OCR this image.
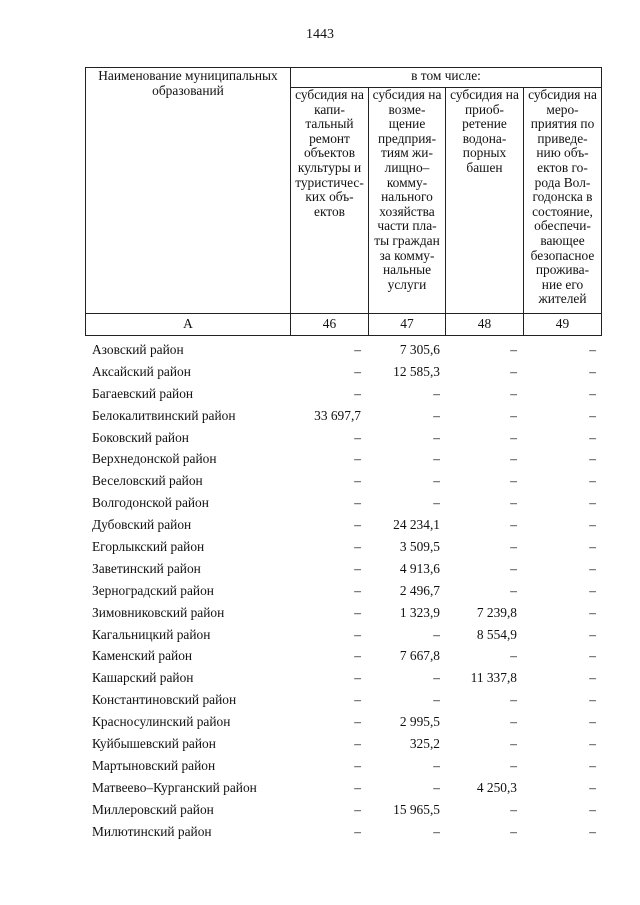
1443
Наименование муниципальных образований	в том числе:			
	субсидия на капи- тальный ремонт объектов культуры и туристичес- ких объ- ектов	субсидия на возме- щение предприя- тиям жи- лищно– комму- нального хозяйства части пла- ты граждан за комму- нальные услуги	субсидия на приоб- ретение водона- порных башен	субсидия на меро- приятия по приведе- нию объ- ектов го- рода Вол- годонска в состояние, обеспечи- вающее безопасное прожива- ние его жителей
А	46	47	48	49
Азовский район	–	7 305,6	–	–
Аксайский район	–	12 585,3	–	–
Багаевский район	–	–	–	–
Белокалитвинский район	33 697,7	–	–	–
Боковский район	–	–	–	–
Верхнедонской район	–	–	–	–
Веселовский район	–	–	–	–
Волгодонской район	–	–	–	–
Дубовский район	–	24 234,1	–	–
Егорлыкский район	–	3 509,5	–	–
Заветинский район	–	4 913,6	–	–
Зерноградский район	–	2 496,7	–	–
Зимовниковский район	–	1 323,9	7 239,8	–
Кагальницкий район	–	–	8 554,9	–
Каменский район	–	7 667,8	–	–
Кашарский район	–	–	11 337,8	–
Константиновский район	–	–	–	–
Красносулинский район	–	2 995,5	–	–
Куйбышевский район	–	325,2	–	–
Мартыновский район	–	–	–	–
Матвеево–Курганский район	–	–	4 250,3	–
Миллеровский район	–	15 965,5	–	–
Милютинский район	–	–	–	–
